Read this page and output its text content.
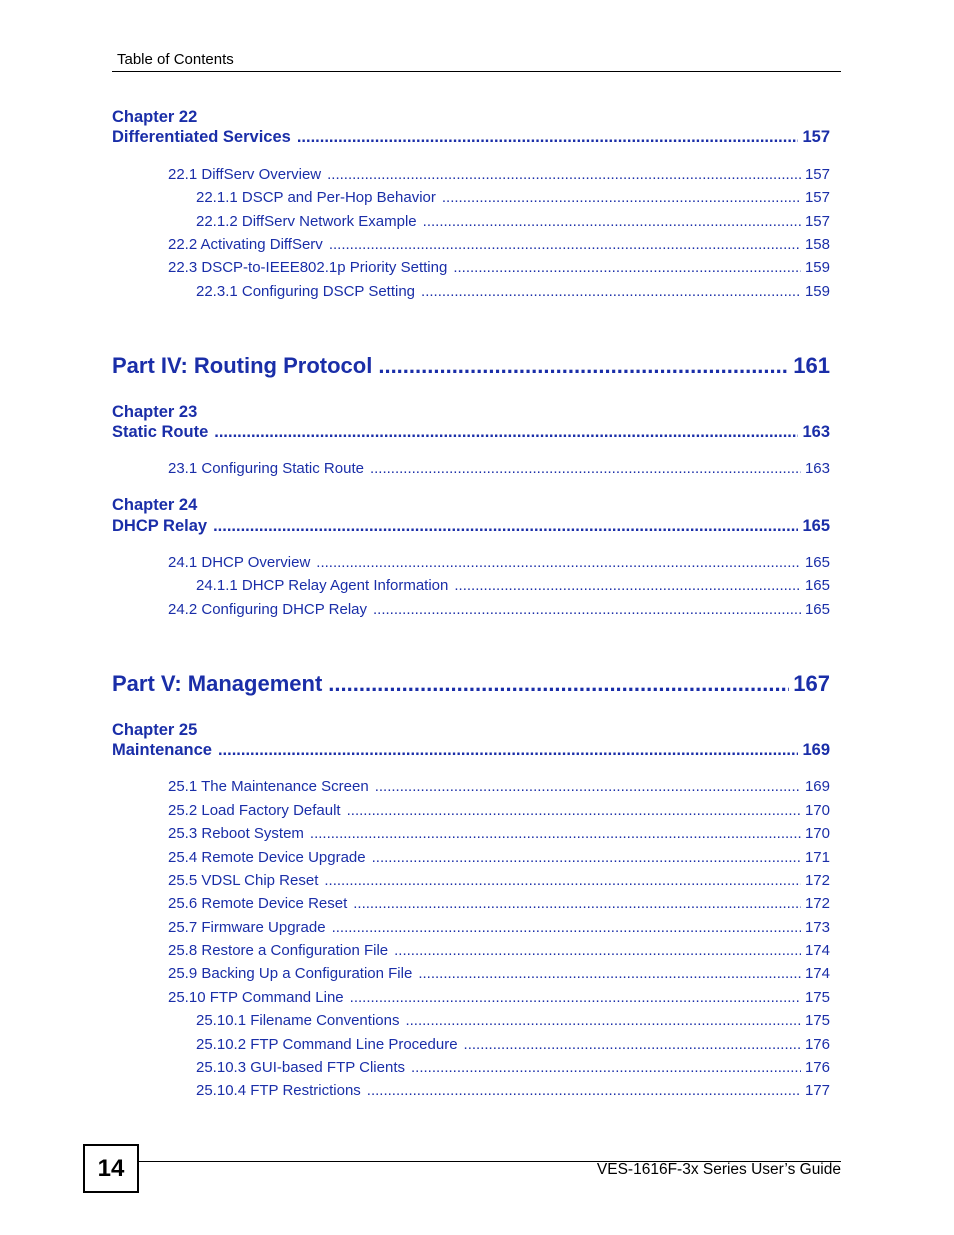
Table of Contents
Chapter 22
Differentiated Services .....	157
22.1 DiffServ Overview .....	157
22.1.1 DSCP and Per-Hop Behavior .....	157
22.1.2 DiffServ Network Example .....	157
22.2 Activating DiffServ .....	158
22.3 DSCP-to-IEEE802.1p Priority Setting .....	159
22.3.1 Configuring DSCP Setting .....	159
Part IV: Routing Protocol .....	161
Chapter 23
Static Route .....	163
23.1 Configuring Static Route .....	163
Chapter 24
DHCP Relay .....	165
24.1 DHCP Overview .....	165
24.1.1 DHCP Relay Agent Information .....	165
24.2 Configuring DHCP Relay .....	165
Part V: Management .....	167
Chapter 25
Maintenance .....	169
25.1 The Maintenance Screen .....	169
25.2 Load Factory Default .....	170
25.3 Reboot System .....	170
25.4 Remote Device Upgrade .....	171
25.5 VDSL Chip Reset .....	172
25.6 Remote Device Reset .....	172
25.7 Firmware Upgrade .....	173
25.8 Restore a Configuration File .....	174
25.9 Backing Up a Configuration File .....	174
25.10 FTP Command Line .....	175
25.10.1 Filename Conventions .....	175
25.10.2 FTP Command Line Procedure .....	176
25.10.3 GUI-based FTP Clients .....	176
25.10.4 FTP Restrictions .....	177
14	VES-1616F-3x Series User’s Guide
